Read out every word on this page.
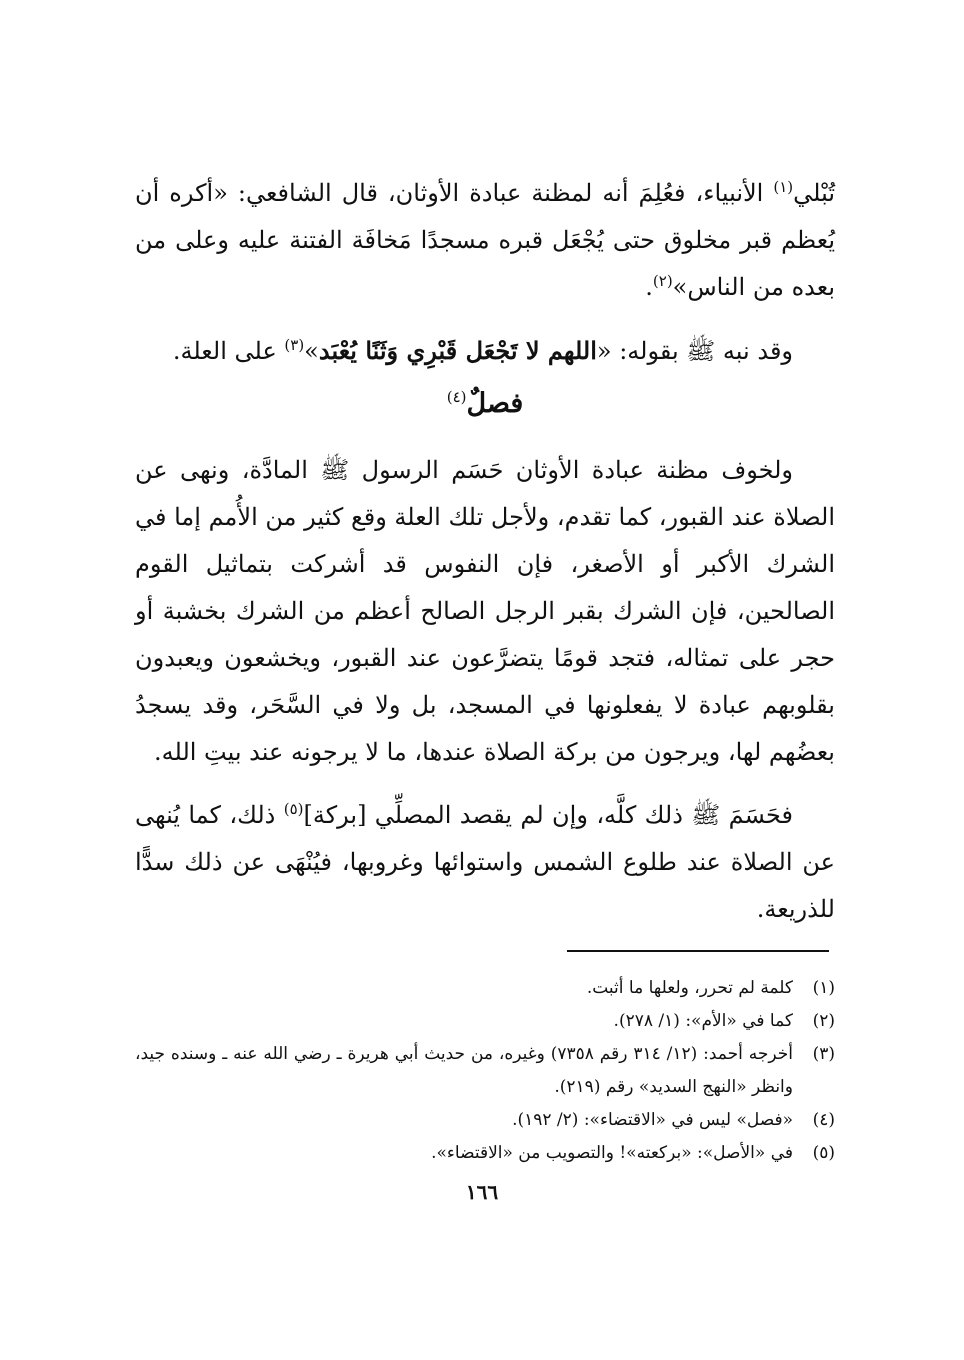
تُبْلي$^{(١)}$ الأنبياء، فعُلِمَ أنه لمظنة عبادة الأوثان، قال الشافعي: «أكره أن يُعظم قبر مخلوق حتى يُجْعَل قبره مسجدًا مَخافَة الفتنة عليه وعلى من بعده من الناس»$^{(٢)}$.

وقد نبه ﷺ بقوله: «اللهم لا تَجْعَل قَبْرِي وَثَنًا يُعْبَد»$^{(٣)}$ على العلة.

فصلٌ$^{(٤)}$

ولخوف مظنة عبادة الأوثان حَسَم الرسول ﷺ المادَّة، ونهى عن الصلاة عند القبور، كما تقدم، ولأجل تلك العلة وقع كثير من الأُمم إما في الشرك الأكبر أو الأصغر، فإن النفوس قد أشركت بتماثيل القوم الصالحين، فإن الشرك بقبر الرجل الصالح أعظم من الشرك بخشبة أو حجر على تمثاله، فتجد قومًا يتضرَّعون عند القبور، ويخشعون ويعبدون بقلوبهم عبادة لا يفعلونها في المسجد، بل ولا في السَّحَر، وقد يسجدُ بعضُهم لها، ويرجون من بركة الصلاة عندها، ما لا يرجونه عند بيتِ الله.

فحَسَمَ ﷺ ذلك كلَّه، وإن لم يقصد المصلِّي [بركة]$^{(٥)}$ ذلك، كما يُنهى عن الصلاة عند طلوع الشمس واستوائها وغروبها، فيُنْهَى عن ذلك سدًّا للذريعة.

(١)
كلمة لم تحرر، ولعلها ما أثبت.
(٢)
كما في «الأم»: (١/ ٢٧٨).
(٣)
أخرجه أحمد: (١٢/ ٣١٤ رقم ٧٣٥٨) وغيره، من حديث أبي هريرة ـ رضي الله عنه ـ وسنده جيد، وانظر «النهج السديد» رقم (٢١٩).
(٤)
«فصل» ليس في «الاقتضاء»: (٢/ ١٩٢).
(٥)
في «الأصل»: «بركعته»! والتصويب من «الاقتضاء».
١٦٦
